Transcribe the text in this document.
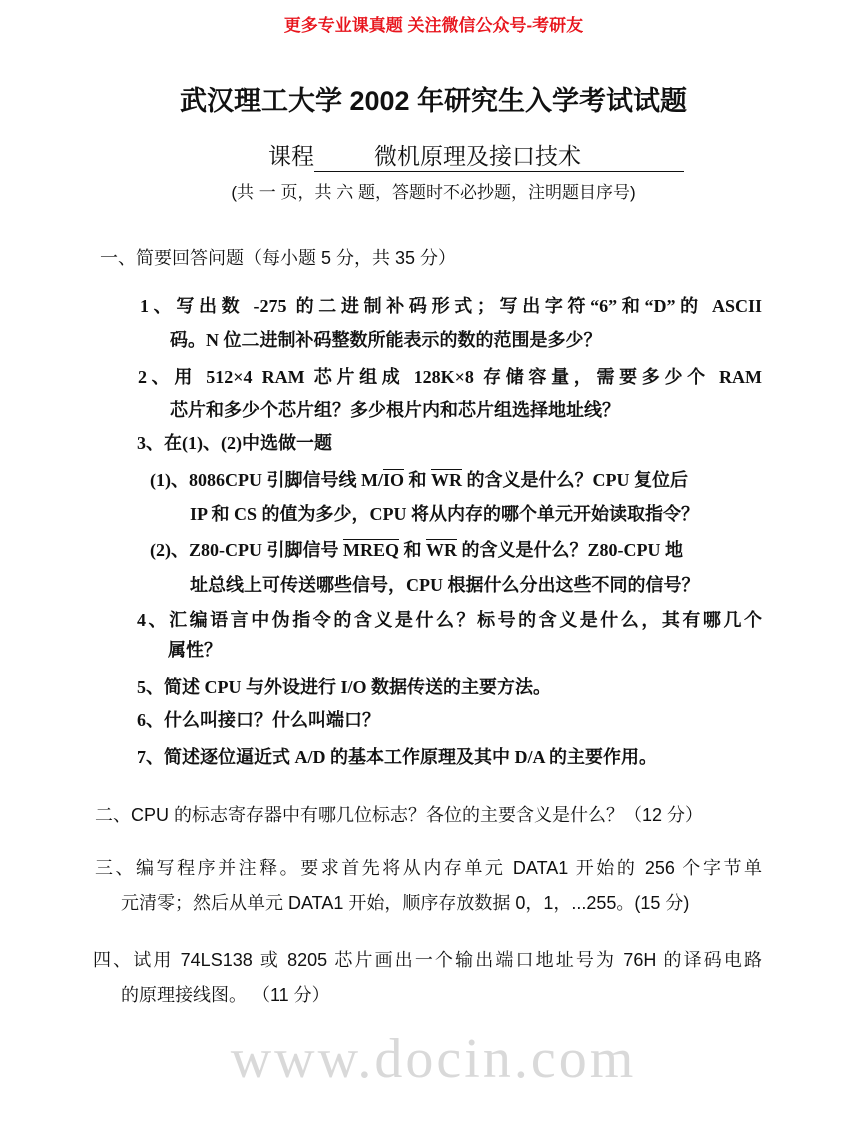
更多专业课真题 关注微信公众号-考研友
武汉理工大学 2002 年研究生入学考试试题
课程	微机原理及接口技术
(共 一 页，共 六 题，答题时不必抄题，注明题目序号)
一、简要回答问题（每小题 5 分，共 35 分）
1、写出数 -275 的二进制补码形式；写出字符“6”和“D”的 ASCII
码。N 位二进制补码整数所能表示的数的范围是多少？
2、用 512×4 RAM 芯片组成 128K×8 存储容量，需要多少个 RAM
芯片和多少个芯片组？多少根片内和芯片组选择地址线？
3、在(1)、(2)中选做一题
(1)、8086CPU 引脚信号线 $M/\overline{IO}$ 和 $\overline{WR}$ 的含义是什么？CPU 复位后
IP 和 CS 的值为多少，CPU 将从内存的哪个单元开始读取指令？
(2)、Z80-CPU 引脚信号 MREQ 和 $\overline{WR}$ 的含义是什么？Z80-CPU 地
址总线上可传送哪些信号，CPU 根据什么分出这些不同的信号？
4、汇编语言中伪指令的含义是什么？标号的含义是什么，其有哪几个
属性？
5、简述 CPU 与外设进行 I/O 数据传送的主要方法。
6、什么叫接口？什么叫端口？
7、简述逐位逼近式 A/D 的基本工作原理及其中 D/A 的主要作用。
二、CPU 的标志寄存器中有哪几位标志？各位的主要含义是什么？（12 分）
三、编写程序并注释。要求首先将从内存单元 DATA1 开始的 256 个字节单
元清零；然后从单元 DATA1 开始，顺序存放数据 0，1，...255。(15 分)
四、试用 74LS138 或 8205 芯片画出一个输出端口地址号为 76H 的译码电路
的原理接线图。 （11 分）
www.docin.com
